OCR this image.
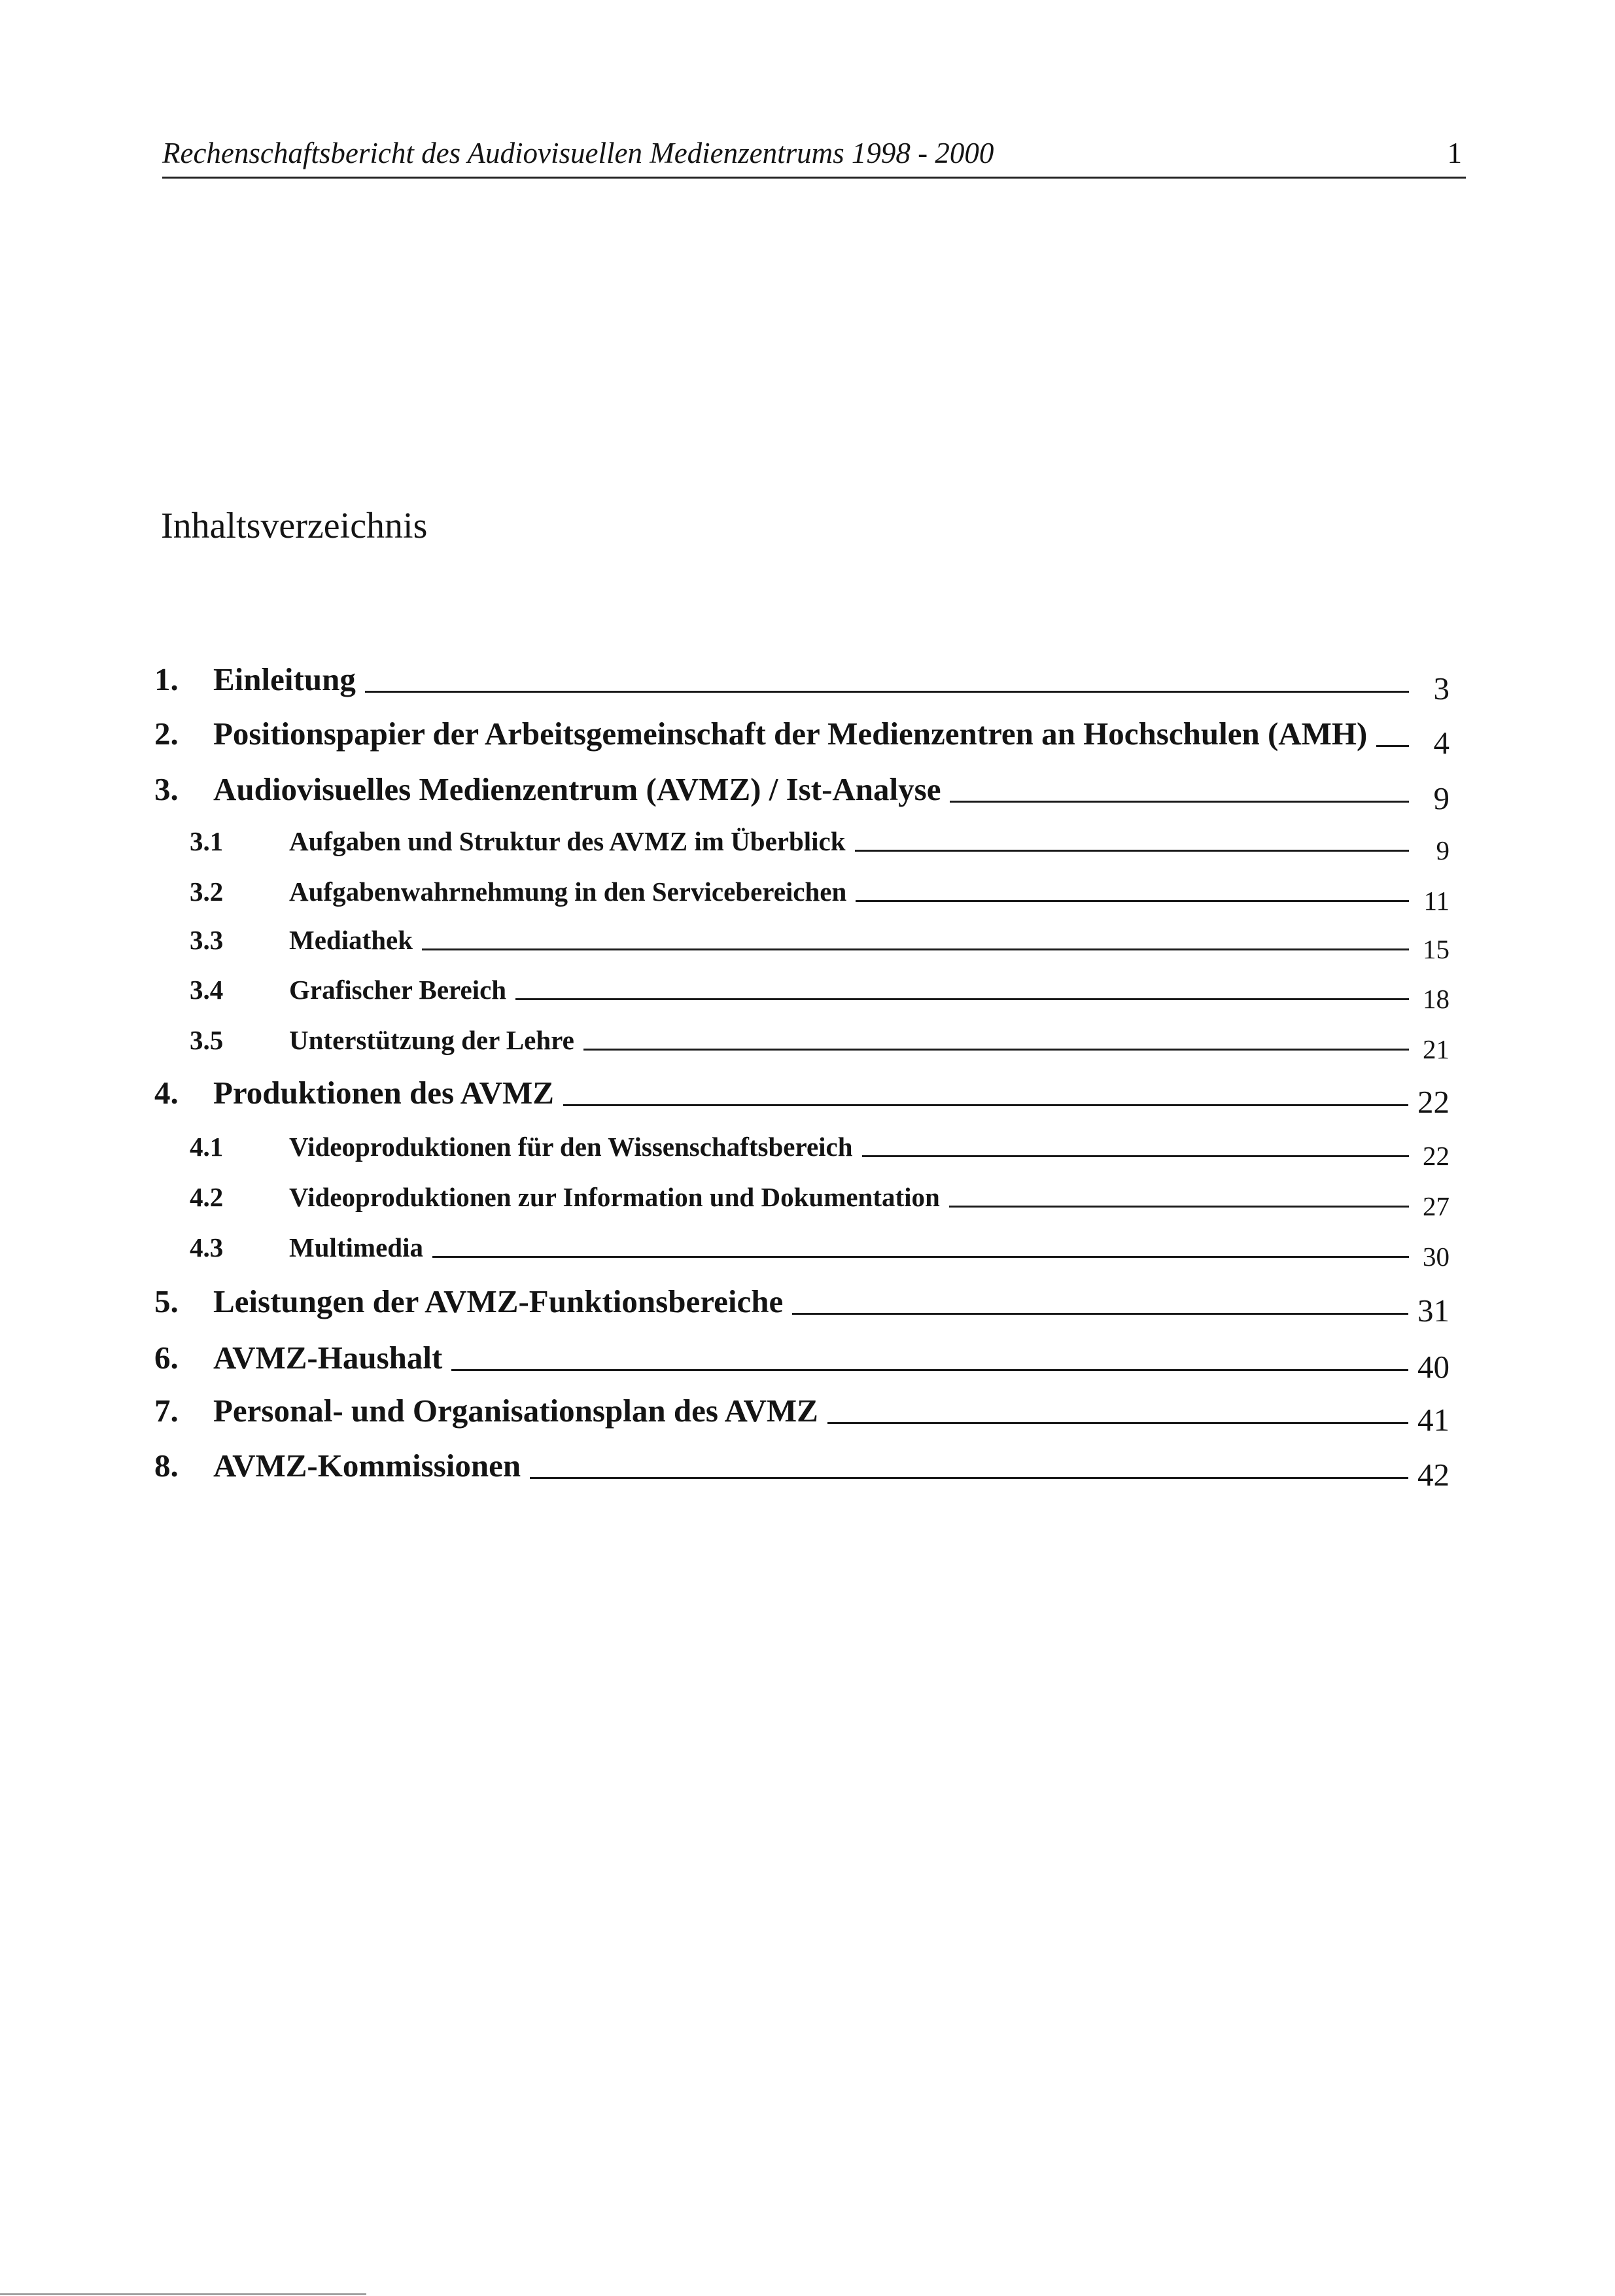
Rechenschaftsbericht des Audiovisuellen Medienzentrums 1998 - 2000	1
Inhaltsverzeichnis
1.	Einleitung	3
2.	Positionspapier der Arbeitsgemeinschaft der Medienzentren an Hochschulen (AMH)	4
3.	Audiovisuelles Medienzentrum (AVMZ) / Ist-Analyse	9
3.1	Aufgaben und Struktur des AVMZ im Überblick	9
3.2	Aufgabenwahrnehmung in den Servicebereichen	11
3.3	Mediathek	15
3.4	Grafischer Bereich	18
3.5	Unterstützung der Lehre	21
4.	Produktionen des AVMZ	22
4.1	Videoproduktionen für den Wissenschaftsbereich	22
4.2	Videoproduktionen zur Information und Dokumentation	27
4.3	Multimedia	30
5.	Leistungen der AVMZ-Funktionsbereiche	31
6.	AVMZ-Haushalt	40
7.	Personal- und Organisationsplan des AVMZ	41
8.	AVMZ-Kommissionen	42
